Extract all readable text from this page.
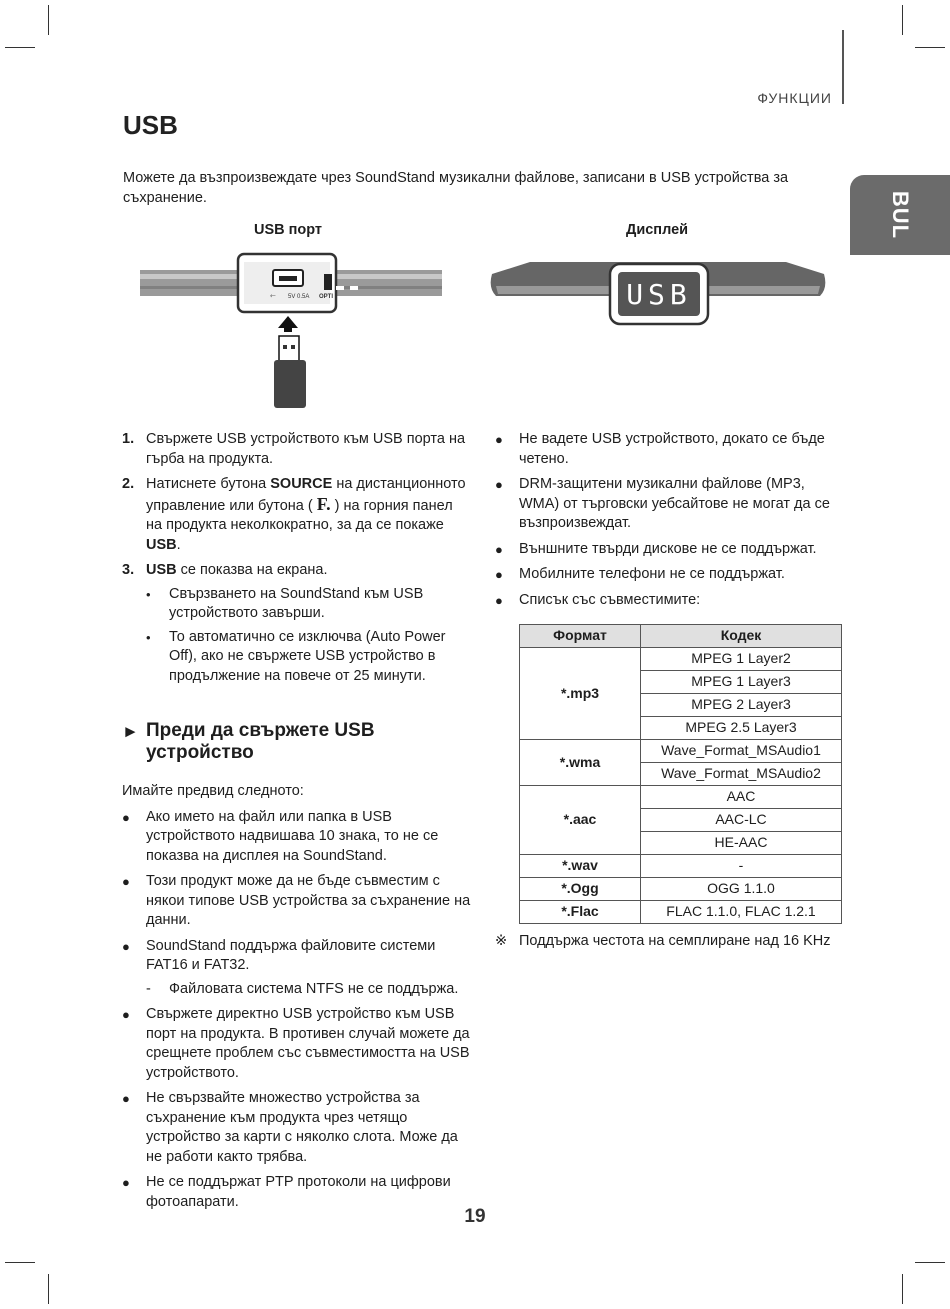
ФУНКЦИИ
BUL
USB

Можете да възпроизвеждате чрез SoundStand музикални файлове, записани в USB устройства за съхранение.

USB порт	Дисплей
⇽ 5V 0.5A OPTI	USB
1. Свържете USB устройството към USB порта на гърба на продукта.
2. Натиснете бутона SOURCE на дистанционното управление или бутона ( F. ) на горния панел на продукта неколкократно, за да се покаже USB.
3. USB се показва на екрана.
•	Свързването на SoundStand към USB устройството завърши.
•	То автоматично се изключва (Auto Power Off), ако не свържете USB устройство в продължение на повече от 25 минути.
► Преди да свържете USB устройство
Имайте предвид следното:
●	Ако името на файл или папка в USB устройството надвишава 10 знака, то не се показва на дисплея на SoundStand.
●	Този продукт може да не бъде съвместим с някои типове USB устройства за съхранение на данни.
●	SoundStand поддържа файловите системи FAT16 и FAT32.
-	Файловата система NTFS не се поддържа.
●	Свържете директно USB устройство към USB порт на продукта. В противен случай можете да срещнете проблем със съвместимостта на USB устройството.
●	Не свързвайте множество устройства за съхранение към продукта чрез четящо устройство за карти с няколко слота. Може да не работи както трябва.
●	Не се поддържат PTP протоколи на цифрови фотоапарати.
●	Не вадете USB устройството, докато се бъде четено.
●	DRM-защитени музикални файлове (MP3, WMA) от търговски уебсайтове не могат да се възпроизвеждат.
●	Външните твърди дискове не се поддържат.
●	Мобилните телефони не се поддържат.
●	Списък със съвместимите:
Формат	Кодек
*.mp3	MPEG 1 Layer2
	MPEG 1 Layer3
	MPEG 2 Layer3
	MPEG 2.5 Layer3
*.wma	Wave_Format_MSAudio1
	Wave_Format_MSAudio2
*.aac	AAC
	AAC-LC
	HE-AAC
*.wav	-
*.Ogg	OGG 1.1.0
*.Flac	FLAC 1.1.0, FLAC 1.2.1
※ Поддържа честота на семплиране над 16 KHz
19
